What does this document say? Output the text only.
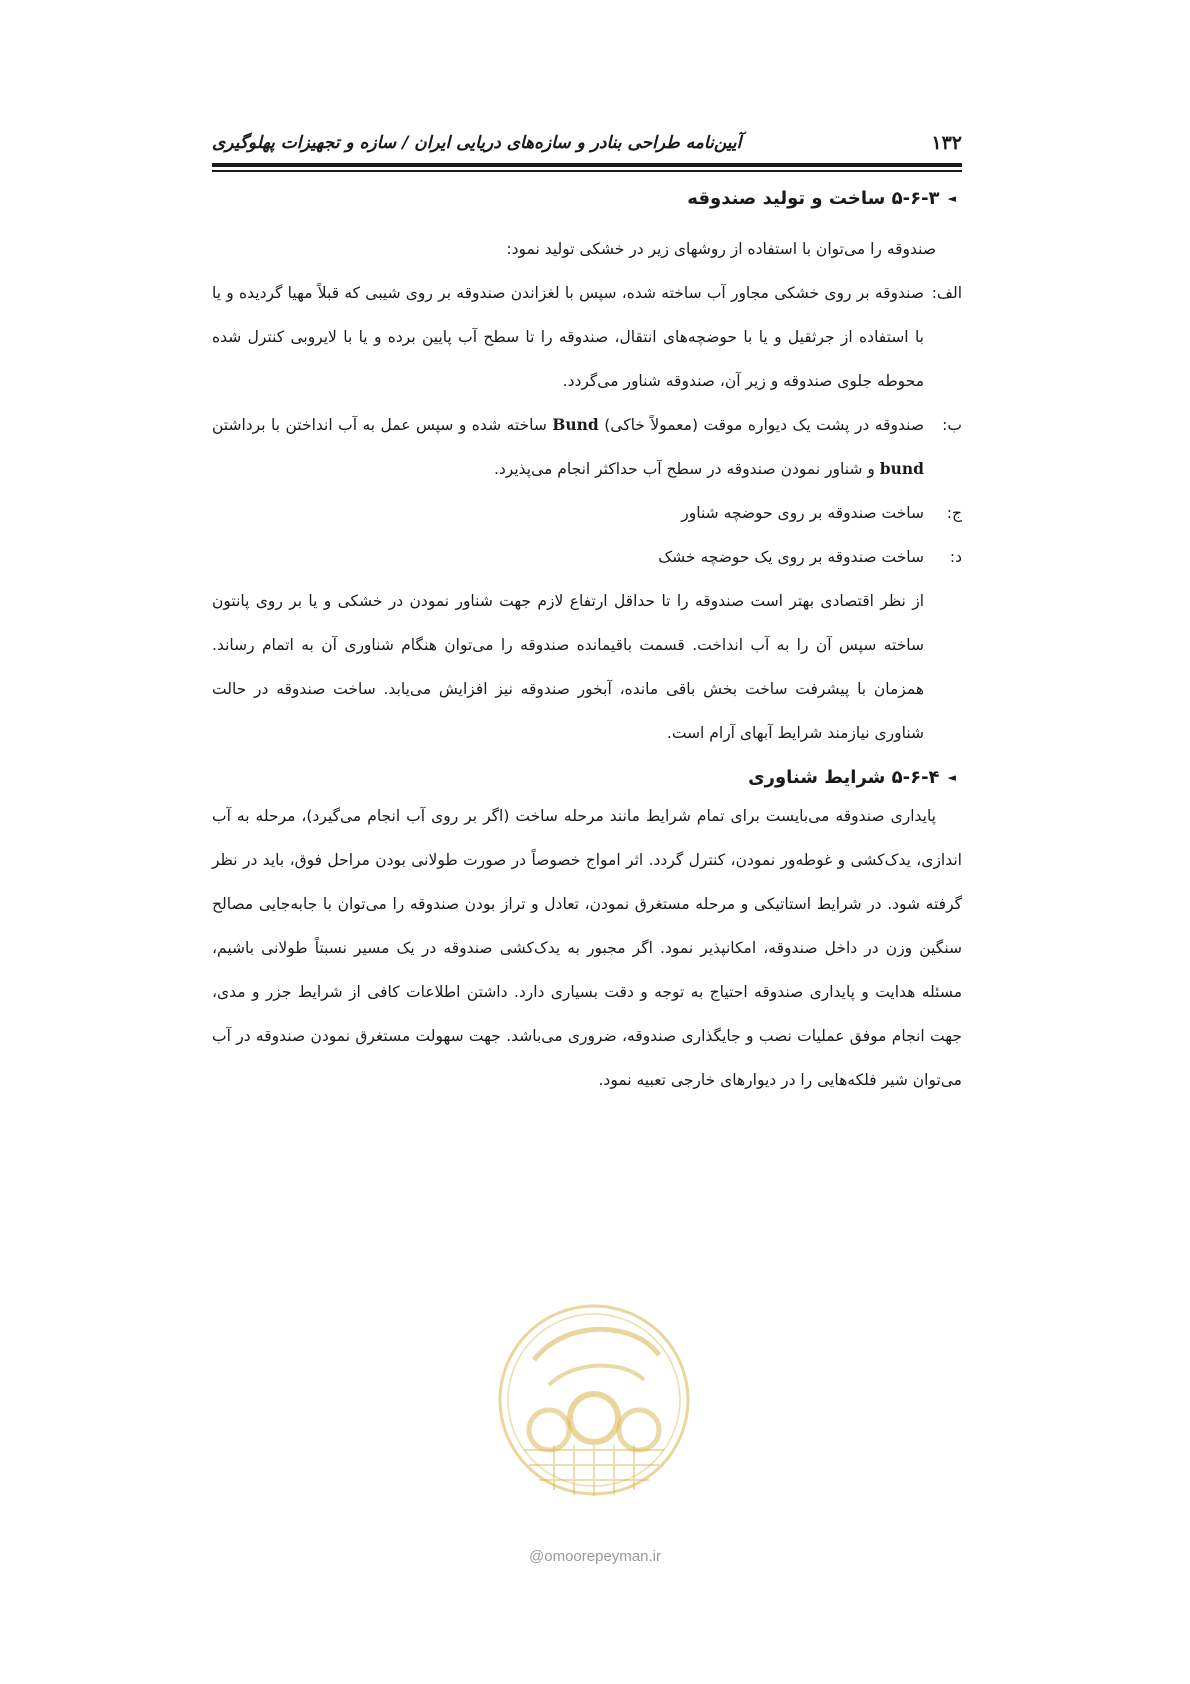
۱۳۲
آیین‌نامه طراحی بنادر و سازه‌های دریایی ایران / سازه و تجهیزات پهلوگیری
◄
۵-۶-۳ ساخت و تولید صندوقه

صندوقه را می‌توان با استفاده از روشهای زیر در خشکی تولید نمود:

الف:

صندوقه بر روی خشکی مجاور آب ساخته شده، سپس با لغزاندن صندوقه بر روی شیبی که قبلاً مهیا گردیده و یا با استفاده از جرثقیل و یا با حوضچه‌های انتقال، صندوقه را تا سطح آب پایین برده و یا با لایروبی کنترل شده محوطه جلوی صندوقه و زیر آن، صندوقه شناور می‌گردد.

ب:

صندوقه در پشت یک دیواره موقت (معمولاً خاکی) Bund ساخته شده و سپس عمل به آب انداختن با برداشتن bund و شناور نمودن صندوقه در سطح آب حداکثر انجام می‌پذیرد.

ج:

ساخت صندوقه بر روی حوضچه شناور

د:

ساخت صندوقه بر روی یک حوضچه خشک

از نظر اقتصادی بهتر است صندوقه را تا حداقل ارتفاع لازم جهت شناور نمودن در خشکی و یا بر روی پانتون ساخته سپس آن را به آب انداخت. قسمت باقیمانده صندوقه را می‌توان هنگام شناوری آن به اتمام رساند. همزمان با پیشرفت ساخت بخش باقی مانده، آبخور صندوقه نیز افزایش می‌یابد. ساخت صندوقه در حالت شناوری نیازمند شرایط آبهای آرام است.

◄
۵-۶-۴ شرایط شناوری

پایداری صندوقه می‌بایست برای تمام شرایط مانند مرحله ساخت (اگر بر روی آب انجام می‌گیرد)، مرحله به آب اندازی، یدک‌کشی و غوطه‌ور نمودن، کنترل گردد. اثر امواج خصوصاً در صورت طولانی بودن مراحل فوق، باید در نظر گرفته شود. در شرایط استاتیکی و مرحله مستغرق نمودن، تعادل و تراز بودن صندوقه را می‌توان با جابه‌جایی مصالح سنگین وزن در داخل صندوقه، امکانپذیر نمود. اگر مجبور به یدک‌کشی صندوقه در یک مسیر نسبتاً طولانی باشیم، مسئله هدایت و پایداری صندوقه احتیاج به توجه و دقت بسیاری دارد. داشتن اطلاعات کافی از شرایط جزر و مدی، جهت انجام موفق عملیات نصب و جایگذاری صندوقه، ضروری می‌باشد. جهت سهولت مستغرق نمودن صندوقه در آب می‌توان شیر فلکه‌هایی را در دیوارهای خارجی تعبیه نمود.

@omoorepeyman.ir
